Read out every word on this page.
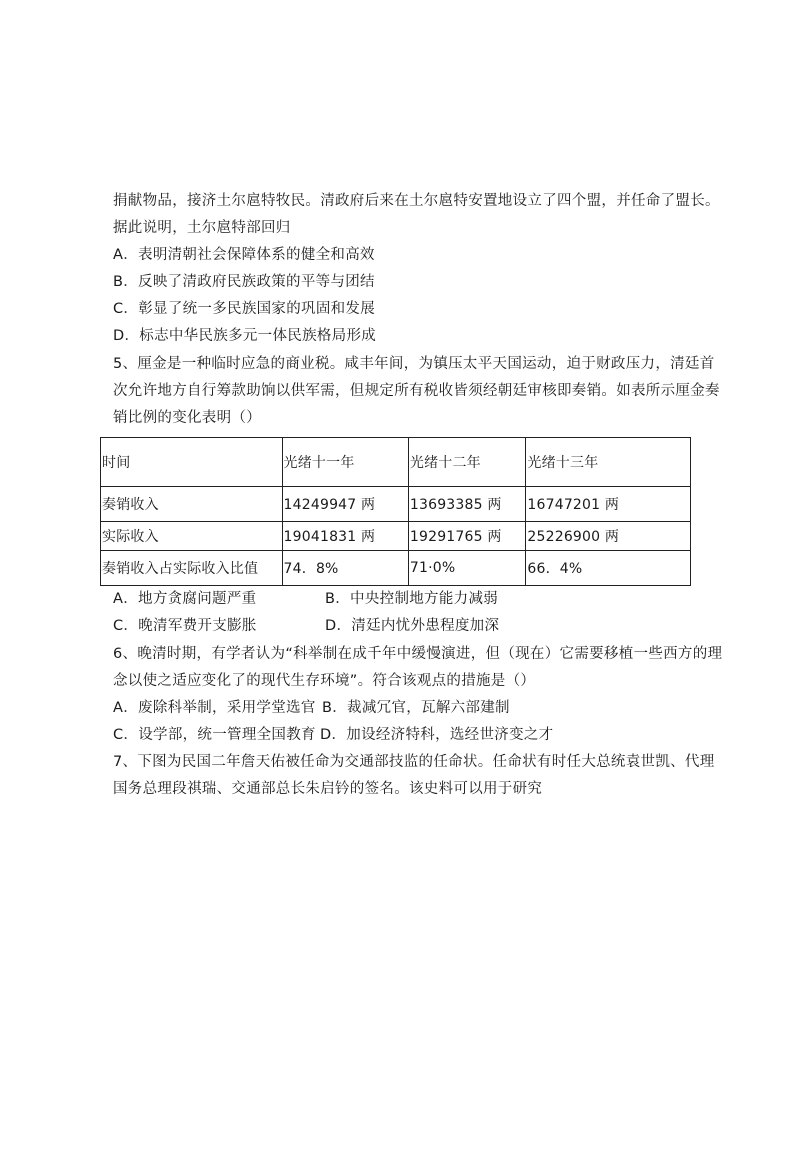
捐献物品，接济土尔扈特牧民。清政府后来在土尔扈特安置地设立了四个盟，并任命了盟长。
据此说明，土尔扈特部回归
A．表明清朝社会保障体系的健全和高效
B．反映了清政府民族政策的平等与团结
C．彰显了统一多民族国家的巩固和发展
D．标志中华民族多元一体民族格局形成
5、厘金是一种临时应急的商业税。咸丰年间，为镇压太平天国运动，迫于财政压力，清廷首
次允许地方自行筹款助饷以供军需，但规定所有税收皆须经朝廷审核即奏销。如表所示厘金奏
销比例的变化表明（）
时间	光绪十一年	光绪十二年	光绪十三年
奏销收入	14249947 两	13693385 两	16747201 两
实际收入	19041831 两	19291765 两	25226900 两
奏销收入占实际收入比值	74．8%	71·0%	66．4%
A．地方贪腐问题严重	B．中央控制地方能力减弱
C．晚清军费开支膨胀	D．清廷内忧外患程度加深
6、晚清时期，有学者认为“科举制在成千年中缓慢演进，但（现在）它需要移植一些西方的理
念以使之适应变化了的现代生存环境”。符合该观点的措施是（）
A．废除科举制，采用学堂选官 B．裁减冗官，瓦解六部建制
C．设学部，统一管理全国教育 D．加设经济特科，选经世济变之才
7、下图为民国二年詹天佑被任命为交通部技监的任命状。任命状有时任大总统袁世凯、代理
国务总理段祺瑞、交通部总长朱启钤的签名。该史料可以用于研究
